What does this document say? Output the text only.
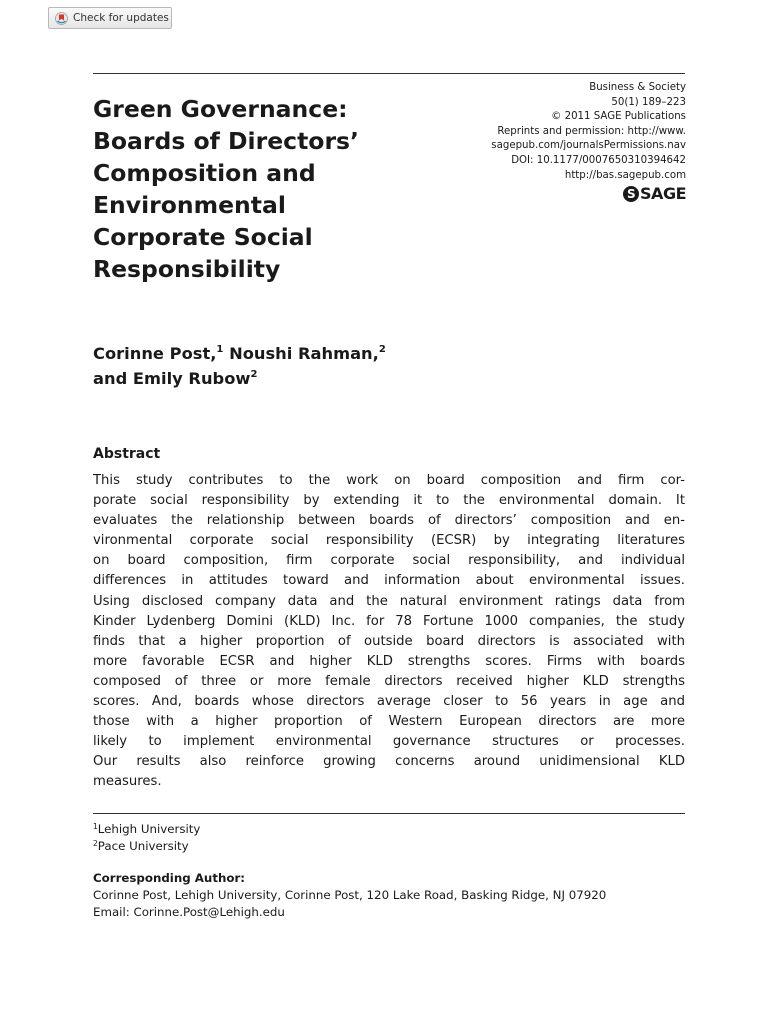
Check for updates
Green Governance:
Boards of Directors’
Composition and
Environmental
Corporate Social
Responsibility
Business & Society
50(1) 189–223
© 2011 SAGE Publications
Reprints and permission: http://www.
sagepub.com/journalsPermissions.nav
DOI: 10.1177/0007650310394642
http://bas.sagepub.com
S SAGE
Corinne Post,$^1$ Noushi Rahman,$^2$
and Emily Rubow$^2$
Abstract
This study contributes to the work on board composition and firm cor-
porate social responsibility by extending it to the environmental domain. It
evaluates the relationship between boards of directors’ composition and en-
vironmental corporate social responsibility (ECSR) by integrating literatures
on board composition, firm corporate social responsibility, and individual
differences in attitudes toward and information about environmental issues.
Using disclosed company data and the natural environment ratings data from
Kinder Lydenberg Domini (KLD) Inc. for 78 Fortune 1000 companies, the study
finds that a higher proportion of outside board directors is associated with
more favorable ECSR and higher KLD strengths scores. Firms with boards
composed of three or more female directors received higher KLD strengths
scores. And, boards whose directors average closer to 56 years in age and
those with a higher proportion of Western European directors are more
likely to implement environmental governance structures or processes.
Our results also reinforce growing concerns around unidimensional KLD
measures.
$^1$Lehigh University
$^2$Pace University
Corresponding Author:
Corinne Post, Lehigh University, Corinne Post, 120 Lake Road, Basking Ridge, NJ 07920
Email: Corinne.Post@Lehigh.edu
